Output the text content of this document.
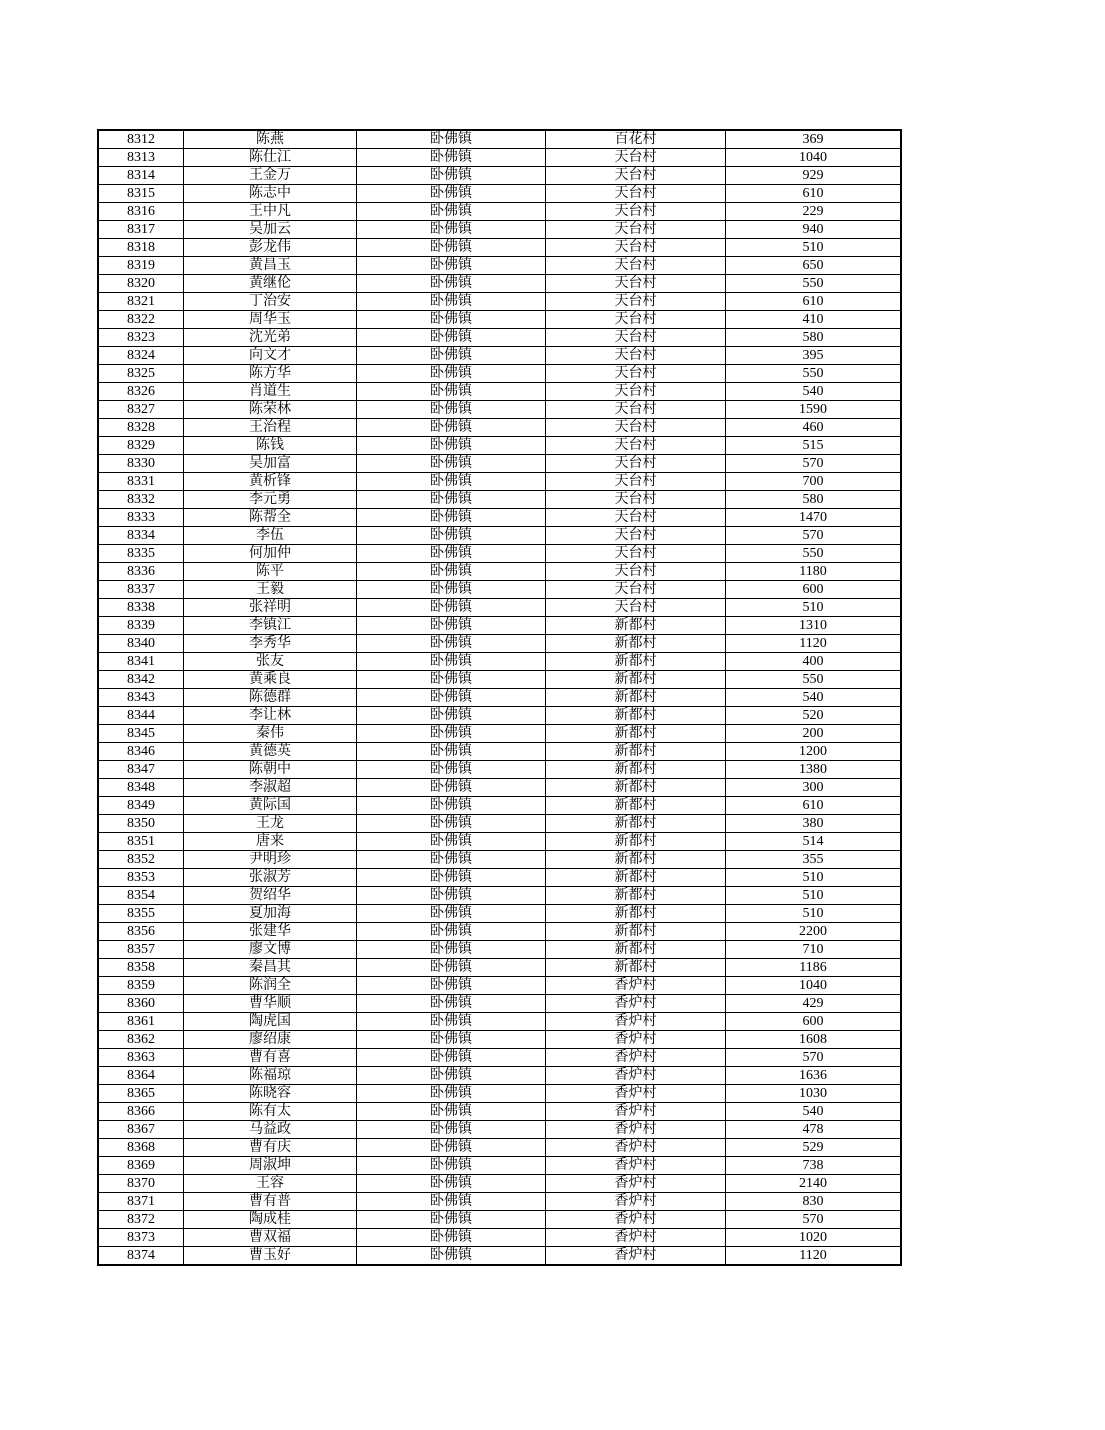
8312	陈燕	卧佛镇	百花村	369
8313	陈仕江	卧佛镇	天台村	1040
8314	王金万	卧佛镇	天台村	929
8315	陈志中	卧佛镇	天台村	610
8316	王中凡	卧佛镇	天台村	229
8317	吴加云	卧佛镇	天台村	940
8318	彭龙伟	卧佛镇	天台村	510
8319	黄昌玉	卧佛镇	天台村	650
8320	黄继伦	卧佛镇	天台村	550
8321	丁治安	卧佛镇	天台村	610
8322	周华玉	卧佛镇	天台村	410
8323	沈光弟	卧佛镇	天台村	580
8324	向文才	卧佛镇	天台村	395
8325	陈方华	卧佛镇	天台村	550
8326	肖道生	卧佛镇	天台村	540
8327	陈荣林	卧佛镇	天台村	1590
8328	王治程	卧佛镇	天台村	460
8329	陈钱	卧佛镇	天台村	515
8330	吴加富	卧佛镇	天台村	570
8331	黄析锋	卧佛镇	天台村	700
8332	李元勇	卧佛镇	天台村	580
8333	陈帮全	卧佛镇	天台村	1470
8334	李伍	卧佛镇	天台村	570
8335	何加仲	卧佛镇	天台村	550
8336	陈平	卧佛镇	天台村	1180
8337	王毅	卧佛镇	天台村	600
8338	张祥明	卧佛镇	天台村	510
8339	李镇江	卧佛镇	新都村	1310
8340	李秀华	卧佛镇	新都村	1120
8341	张友	卧佛镇	新都村	400
8342	黄乘良	卧佛镇	新都村	550
8343	陈德群	卧佛镇	新都村	540
8344	李让林	卧佛镇	新都村	520
8345	秦伟	卧佛镇	新都村	200
8346	黄德英	卧佛镇	新都村	1200
8347	陈朝中	卧佛镇	新都村	1380
8348	李淑超	卧佛镇	新都村	300
8349	黄际国	卧佛镇	新都村	610
8350	王龙	卧佛镇	新都村	380
8351	唐来	卧佛镇	新都村	514
8352	尹明珍	卧佛镇	新都村	355
8353	张淑芳	卧佛镇	新都村	510
8354	贺绍华	卧佛镇	新都村	510
8355	夏加海	卧佛镇	新都村	510
8356	张建华	卧佛镇	新都村	2200
8357	廖文博	卧佛镇	新都村	710
8358	秦昌其	卧佛镇	新都村	1186
8359	陈润全	卧佛镇	香炉村	1040
8360	曹华顺	卧佛镇	香炉村	429
8361	陶虎国	卧佛镇	香炉村	600
8362	廖绍康	卧佛镇	香炉村	1608
8363	曹有喜	卧佛镇	香炉村	570
8364	陈福琼	卧佛镇	香炉村	1636
8365	陈晓容	卧佛镇	香炉村	1030
8366	陈有太	卧佛镇	香炉村	540
8367	马益政	卧佛镇	香炉村	478
8368	曹有庆	卧佛镇	香炉村	529
8369	周淑坤	卧佛镇	香炉村	738
8370	王容	卧佛镇	香炉村	2140
8371	曹有普	卧佛镇	香炉村	830
8372	陶成桂	卧佛镇	香炉村	570
8373	曹双福	卧佛镇	香炉村	1020
8374	曹玉好	卧佛镇	香炉村	1120
